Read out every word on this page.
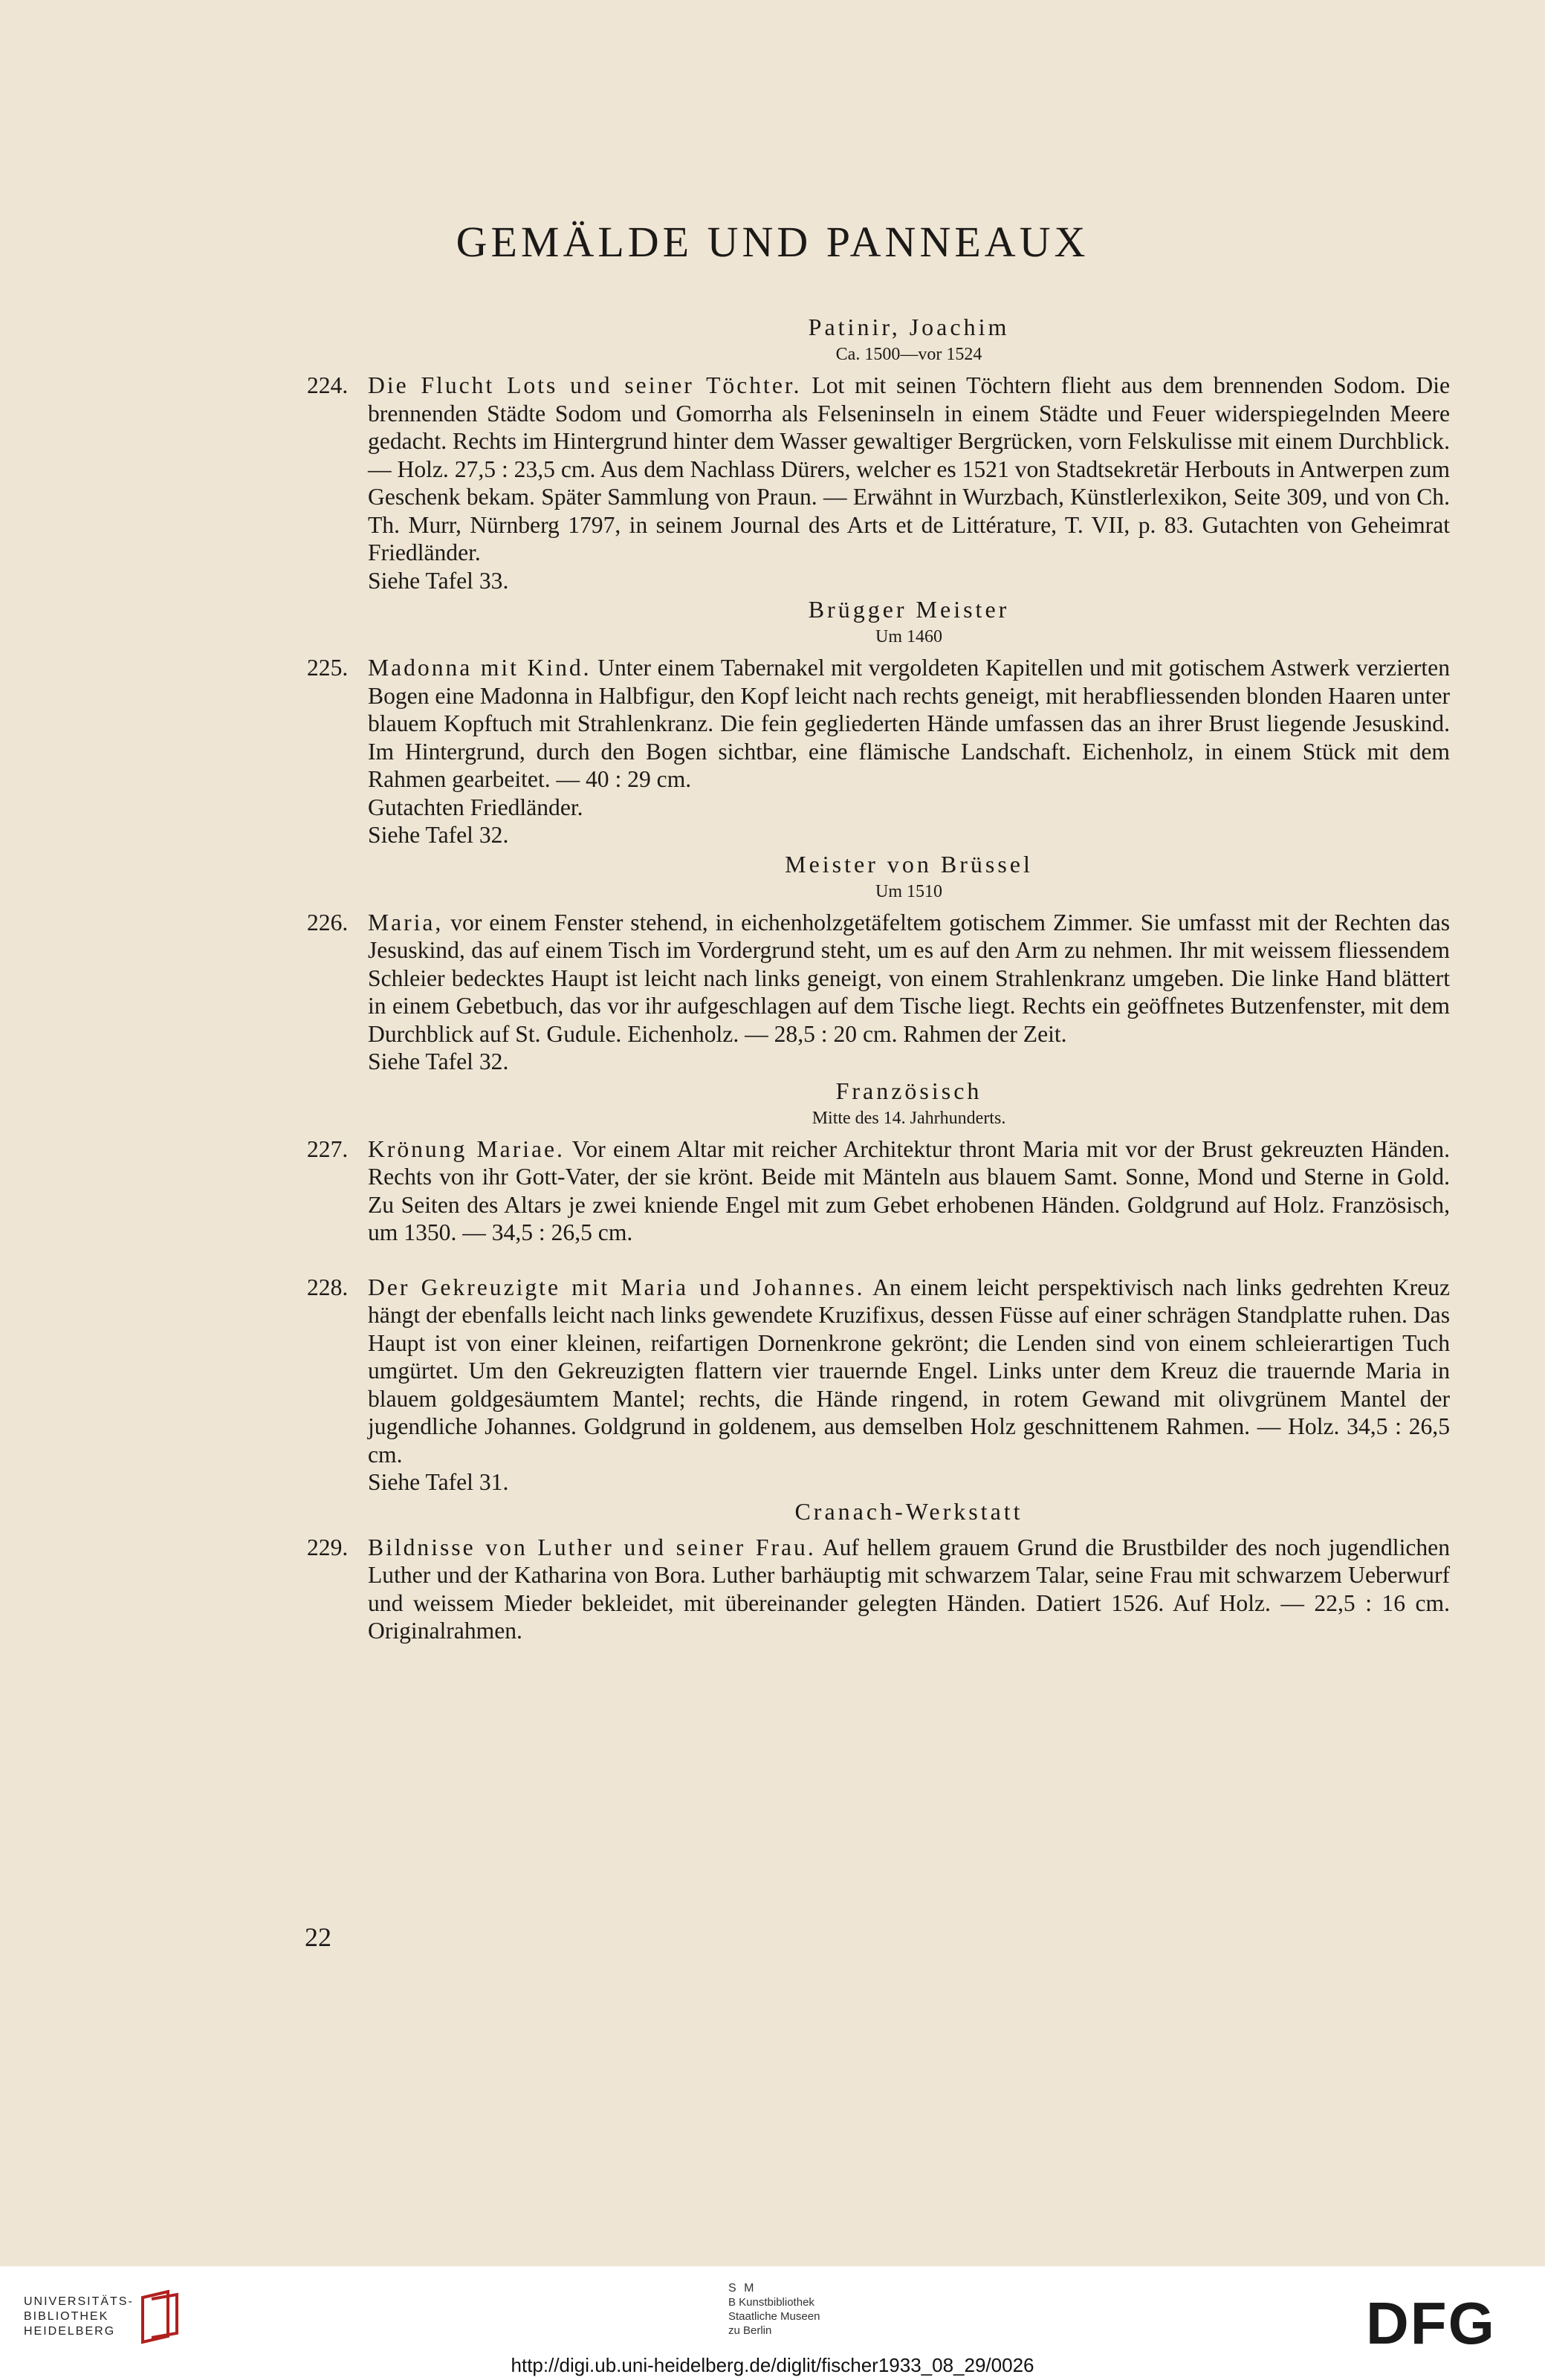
GEMÄLDE UND PANNEAUX

Patinir, Joachim

Ca. 1500—vor 1524

224. Die Flucht Lots und seiner Töchter. Lot mit seinen Töchtern flieht aus dem brennenden Sodom. Die brennenden Städte Sodom und Gomorrha als Felseninseln in einem Städte und Feuer widerspiegelnden Meere gedacht. Rechts im Hintergrund hinter dem Wasser gewaltiger Bergrücken, vorn Felskulisse mit einem Durchblick. — Holz. 27,5 : 23,5 cm. Aus dem Nachlass Dürers, welcher es 1521 von Stadtsekretär Herbouts in Antwerpen zum Geschenk bekam. Später Sammlung von Praun. — Erwähnt in Wurzbach, Künstlerlexikon, Seite 309, und von Ch. Th. Murr, Nürnberg 1797, in seinem Journal des Arts et de Littérature, T. VII, p. 83. Gutachten von Geheimrat Friedländer.

Siehe Tafel 33.

Brügger Meister

Um 1460

225. Madonna mit Kind. Unter einem Tabernakel mit vergoldeten Kapitellen und mit gotischem Astwerk verzierten Bogen eine Madonna in Halbfigur, den Kopf leicht nach rechts geneigt, mit herabfliessenden blonden Haaren unter blauem Kopftuch mit Strahlenkranz. Die fein gegliederten Hände umfassen das an ihrer Brust liegende Jesuskind. Im Hintergrund, durch den Bogen sichtbar, eine flämische Landschaft. Eichenholz, in einem Stück mit dem Rahmen gearbeitet. — 40 : 29 cm.

Gutachten Friedländer.

Siehe Tafel 32.

Meister von Brüssel

Um 1510

226. Maria, vor einem Fenster stehend, in eichenholzgetäfeltem gotischem Zimmer. Sie umfasst mit der Rechten das Jesuskind, das auf einem Tisch im Vordergrund steht, um es auf den Arm zu nehmen. Ihr mit weissem fliessendem Schleier bedecktes Haupt ist leicht nach links geneigt, von einem Strahlenkranz umgeben. Die linke Hand blättert in einem Gebetbuch, das vor ihr aufgeschlagen auf dem Tische liegt. Rechts ein geöffnetes Butzenfenster, mit dem Durchblick auf St. Gudule. Eichenholz. — 28,5 : 20 cm. Rahmen der Zeit.

Siehe Tafel 32.

Französisch

Mitte des 14. Jahrhunderts.

227. Krönung Mariae. Vor einem Altar mit reicher Architektur thront Maria mit vor der Brust gekreuzten Händen. Rechts von ihr Gott-Vater, der sie krönt. Beide mit Mänteln aus blauem Samt. Sonne, Mond und Sterne in Gold. Zu Seiten des Altars je zwei kniende Engel mit zum Gebet erhobenen Händen. Goldgrund auf Holz. Französisch, um 1350. — 34,5 : 26,5 cm.

228. Der Gekreuzigte mit Maria und Johannes. An einem leicht perspektivisch nach links gedrehten Kreuz hängt der ebenfalls leicht nach links gewendete Kruzifixus, dessen Füsse auf einer schrägen Standplatte ruhen. Das Haupt ist von einer kleinen, reifartigen Dornenkrone gekrönt; die Lenden sind von einem schleierartigen Tuch umgürtet. Um den Gekreuzigten flattern vier trauernde Engel. Links unter dem Kreuz die trauernde Maria in blauem goldgesäumtem Mantel; rechts, die Hände ringend, in rotem Gewand mit olivgrünem Mantel der jugendliche Johannes. Goldgrund in goldenem, aus demselben Holz geschnittenem Rahmen. — Holz. 34,5 : 26,5 cm.

Siehe Tafel 31.

Cranach-Werkstatt

229. Bildnisse von Luther und seiner Frau. Auf hellem grauem Grund die Brustbilder des noch jugendlichen Luther und der Katharina von Bora. Luther barhäuptig mit schwarzem Talar, seine Frau mit schwarzem Ueberwurf und weissem Mieder bekleidet, mit übereinander gelegten Händen. Datiert 1526. Auf Holz. — 22,5 : 16 cm. Originalrahmen.

22
UNIVERSITÄTS-
BIBLIOTHEK
HEIDELBERG
S M
B Kunstbibliothek
Staatliche Museen
zu Berlin	DFG
http://digi.ub.uni-heidelberg.de/diglit/fischer1933_08_29/0026
